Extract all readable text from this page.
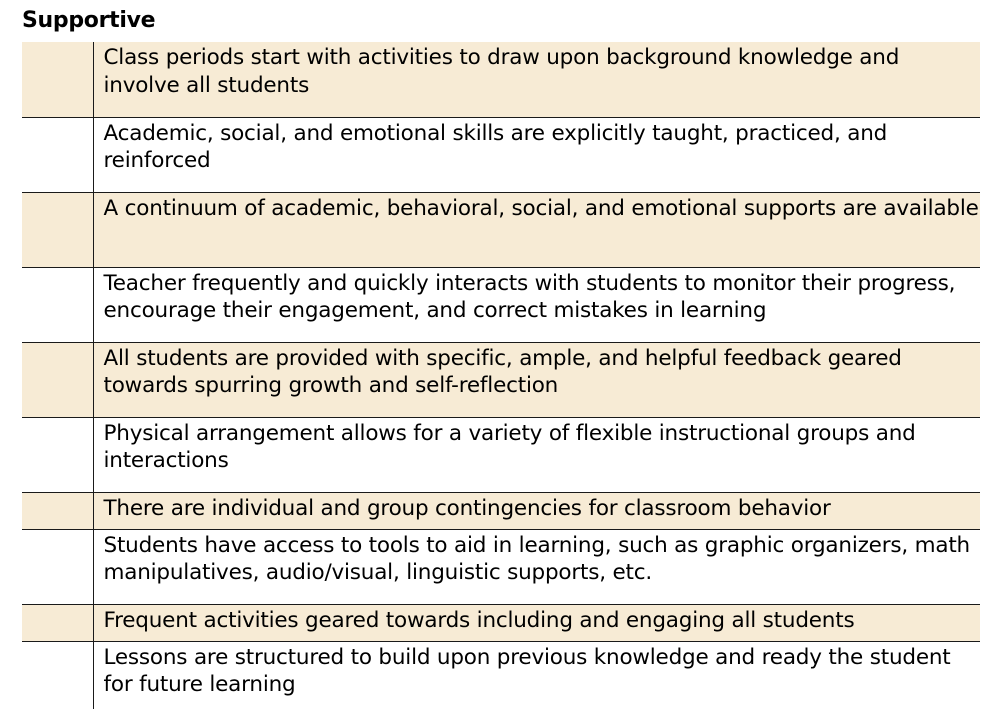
Supportive
	Class periods start with activities to draw upon background knowledge and involve all students
	Academic, social, and emotional skills are explicitly taught, practiced, and reinforced
	A continuum of academic, behavioral, social, and emotional supports are available
	Teacher frequently and quickly interacts with students to monitor their progress, encourage their engagement, and correct mistakes in learning
	All students are provided with specific, ample, and helpful feedback geared towards spurring growth and self-reflection
	Physical arrangement allows for a variety of flexible instructional groups and interactions
	There are individual and group contingencies for classroom behavior
	Students have access to tools to aid in learning, such as graphic organizers, math manipulatives, audio/visual, linguistic supports, etc.
	Frequent activities geared towards including and engaging all students
	Lessons are structured to build upon previous knowledge and ready the student for future learning
